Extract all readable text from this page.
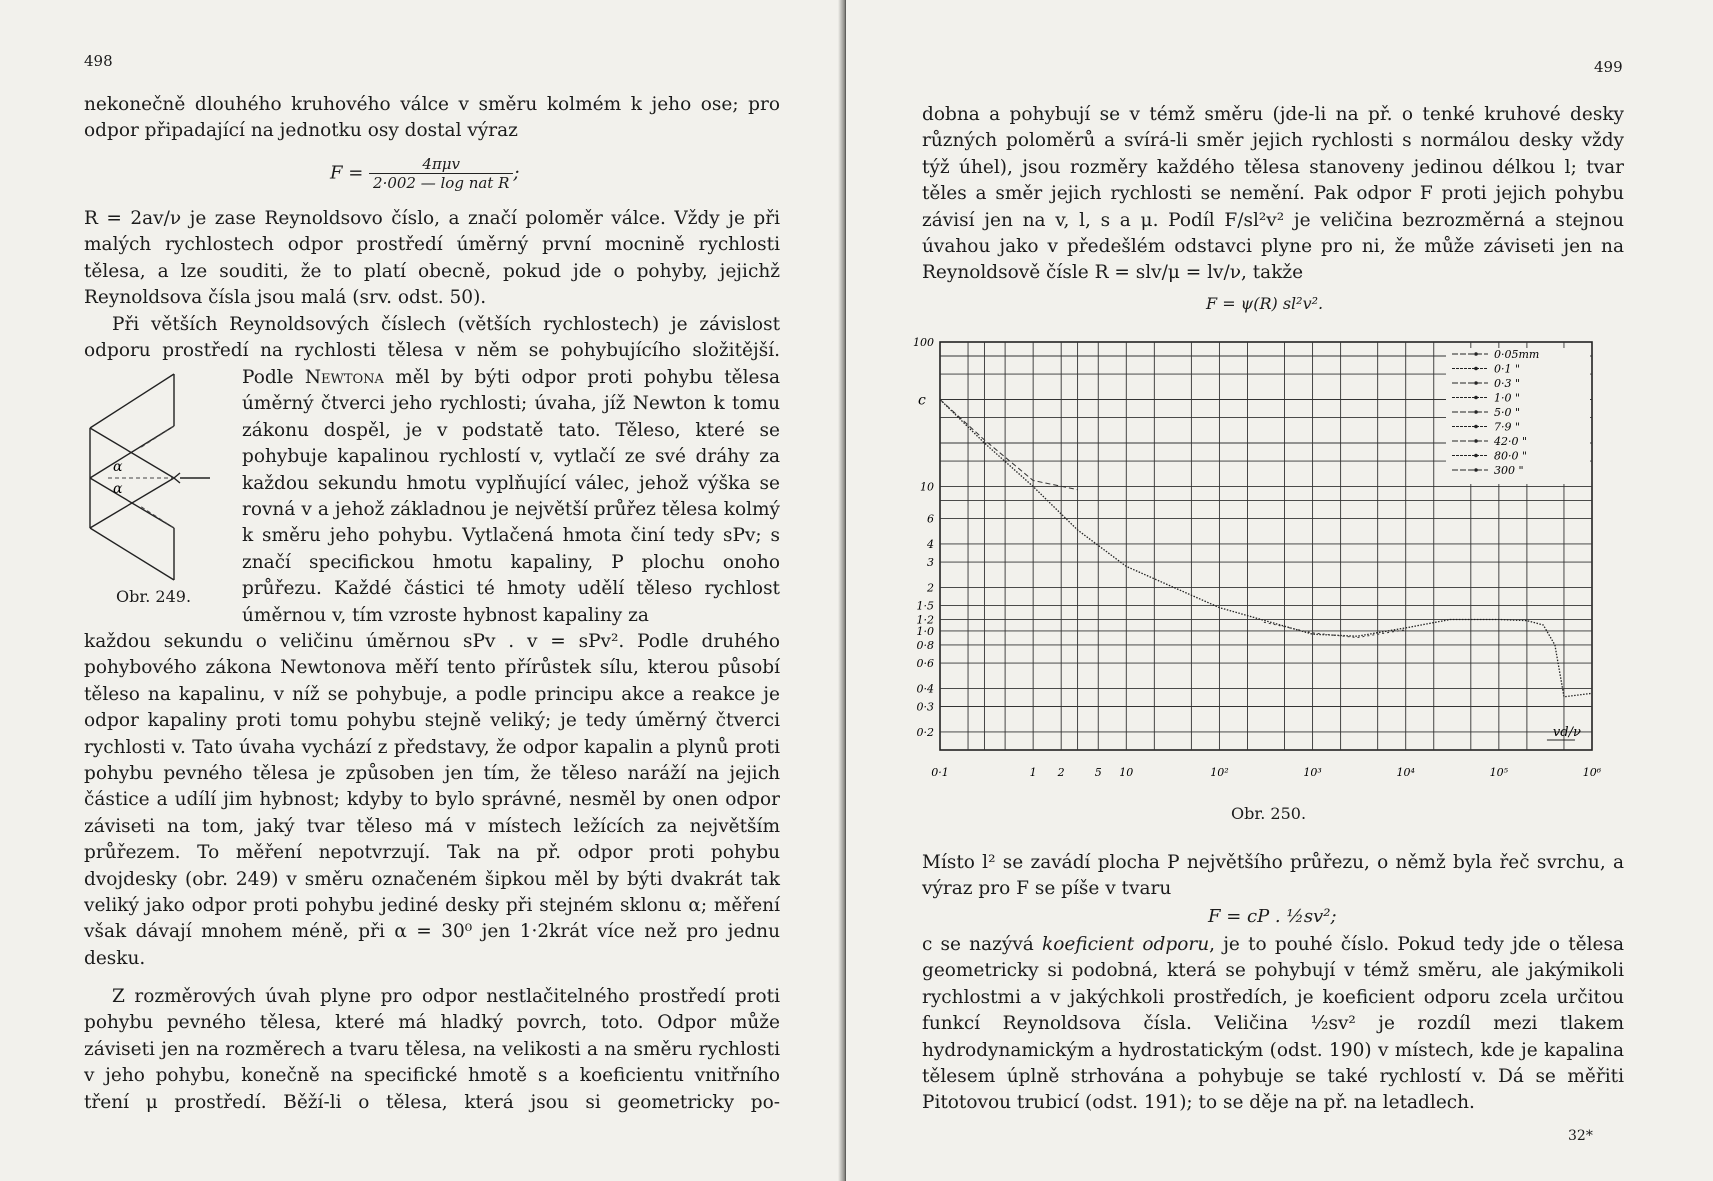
498

nekonečně dlouhého kruhového válce v směru kolmém k jeho ose; pro

odpor připadající na jednotku osy dostal výraz

$F = \frac{\text{4πμv}}{\text{2·002 — log nat R}}$ ;

R = 2av/ν je zase Reynoldsovo číslo, a značí poloměr válce. Vždy je při malých rychlostech odpor prostředí úměrný první mocnině rychlosti tělesa, a lze souditi, že to platí obecně, pokud jde o pohyby, jejichž Reynoldsova čísla jsou malá (srv. odst. 50).

Při větších Reynoldsových číslech (větších rychlostech) je závislost odporu prostředí na rychlosti tělesa v něm se pohybujícího složitější.

α
α
Obr. 249.

Podle Newtona měl by býti odpor proti pohybu tělesa úměrný čtverci jeho rychlosti; úvaha, jíž Newton k tomu zákonu dospěl, je v podstatě tato. Těleso, které se pohybuje kapalinou rychlostí v, vytlačí ze své dráhy za každou sekundu hmotu vyplňující válec, jehož výška se rovná v a jehož základnou je největší průřez tělesa kolmý k směru jeho pohybu. Vytlačená hmota činí tedy sPv; s značí specifickou hmotu kapaliny, P plochu onoho průřezu. Každé částici té hmoty udělí těleso rychlost úměrnou v, tím vzroste hybnost kapaliny za

každou sekundu o veličinu úměrnou sPv . v = sPv². Podle druhého pohybového zákona Newtonova měří tento přírůstek sílu, kterou působí těleso na kapalinu, v níž se pohybuje, a podle principu akce a reakce je odpor kapaliny proti tomu pohybu stejně veliký; je tedy úměrný čtverci rychlosti v. Tato úvaha vychází z představy, že odpor kapalin a plynů proti pohybu pevného tělesa je způsoben jen tím, že těleso naráží na jejich částice a udílí jim hybnost; kdyby to bylo správné, nesměl by onen odpor záviseti na tom, jaký tvar těleso má v místech ležících za největším průřezem. To měření nepotvrzují. Tak na př. odpor proti pohybu dvojdesky (obr. 249) v směru označeném šipkou měl by býti dvakrát tak veliký jako odpor proti pohybu jediné desky při stejném sklonu α; měření však dávají mnohem méně, při α = 30⁰ jen 1·2krát více než pro jednu desku.

Z rozměrových úvah plyne pro odpor nestlačitelného prostředí proti pohybu pevného tělesa, které má hladký povrch, toto. Odpor může záviseti jen na rozměrech a tvaru tělesa, na velikosti a na směru rychlosti v jeho pohybu, konečně na specifické hmotě s a koeficientu vnitřního tření μ prostředí. Běží-li o tělesa, která jsou si geometricky po-

499

dobna a pohybují se v témž směru (jde-li na př. o tenké kruhové desky různých poloměrů a svírá-li směr jejich rychlosti s normálou desky vždy týž úhel), jsou rozměry každého tělesa stanoveny jedinou délkou l; tvar těles a směr jejich rychlosti se nemění. Pak odpor F proti jejich pohybu závisí jen na v, l, s a μ. Podíl F/sl²v² je veličina bezrozměrná a stejnou úvahou jako v předešlém odstavci plyne pro ni, že může záviseti jen na Reynoldsově čísle R = slv/μ = lv/ν, takže

F = ψ(R) sl²v².
100
10
6
4
3
2
1·5
1·2
1·0
0·8
0·6
0·4
0·3
0·2
0·1	1 2	5 10	10²	10³	10⁴	10⁵	10⁶
0·05mm
0·1 "
0·3 "
1·0 "
5·0 "
7·9 "
42·0 "
80·0 "
300 "
c
vd/ν
Obr. 250.

Místo l² se zavádí plocha P největšího průřezu, o němž byla řeč svrchu, a výraz pro F se píše v tvaru

F = cP . ½sv²;

c se nazývá koeficient odporu, je to pouhé číslo. Pokud tedy jde o tělesa geometricky si podobná, která se pohybují v témž směru, ale jakýmikoli rychlostmi a v jakýchkoli prostředích, je koeficient odporu zcela určitou funkcí Reynoldsova čísla. Veličina ½sv² je rozdíl mezi tlakem hydrodynamickým a hydrostatickým (odst. 190) v místech, kde je kapalina tělesem úplně strhována a pohybuje se také rychlostí v. Dá se měřiti Pitotovou trubicí (odst. 191); to se děje na př. na letadlech.

32*
